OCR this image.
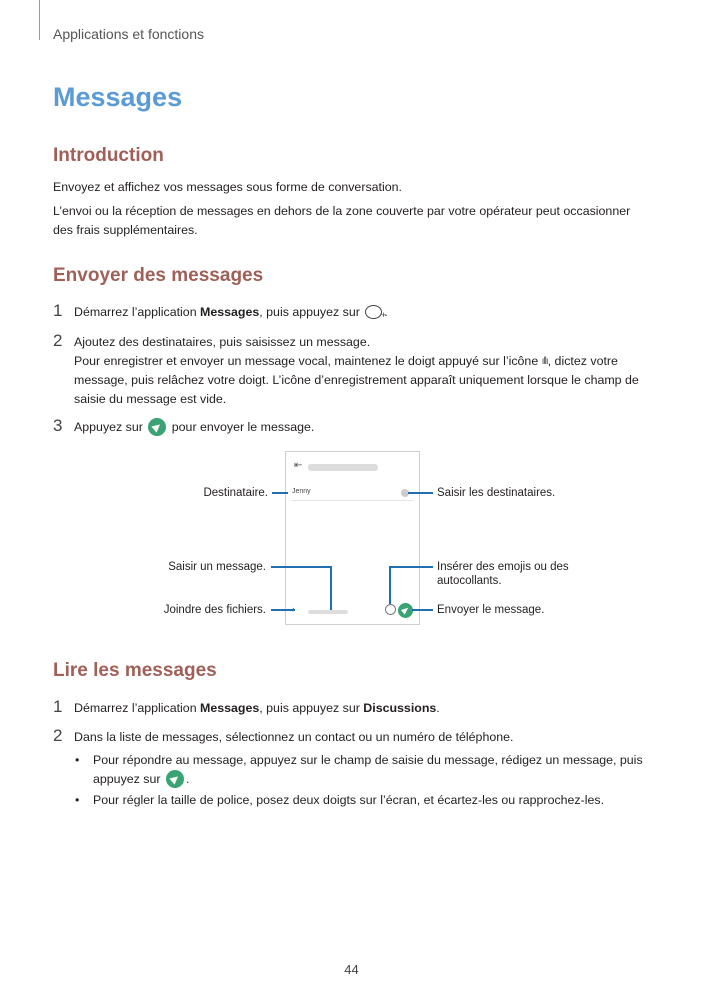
Applications et fonctions
Messages
Introduction
Envoyez et affichez vos messages sous forme de conversation.
L’envoi ou la réception de messages en dehors de la zone couverte par votre opérateur peut occasionner des frais supplémentaires.
Envoyer des messages
1 Démarrez l’application Messages, puis appuyez sur +.
2 Ajoutez des destinataires, puis saisissez un message.
Pour enregistrer et envoyer un message vocal, maintenez le doigt appuyé sur l’icône ıllı, dictez votre message, puis relâchez votre doigt. L’icône d’enregistrement apparaît uniquement lorsque le champ de saisie du message est vide.
3 Appuyez sur  pour envoyer le message.
⇤
Jenny
Destinataire.	Saisir les destinataires.
Saisir un message.	Insérer des emojis ou des autocollants.
Joindre des fichiers.	Envoyer le message.
Lire les messages
1 Démarrez l’application Messages, puis appuyez sur Discussions.
2 Dans la liste de messages, sélectionnez un contact ou un numéro de téléphone.
• Pour répondre au message, appuyez sur le champ de saisie du message, rédigez un message, puis appuyez sur .
• Pour régler la taille de police, posez deux doigts sur l’écran, et écartez-les ou rapprochez-les.
44
